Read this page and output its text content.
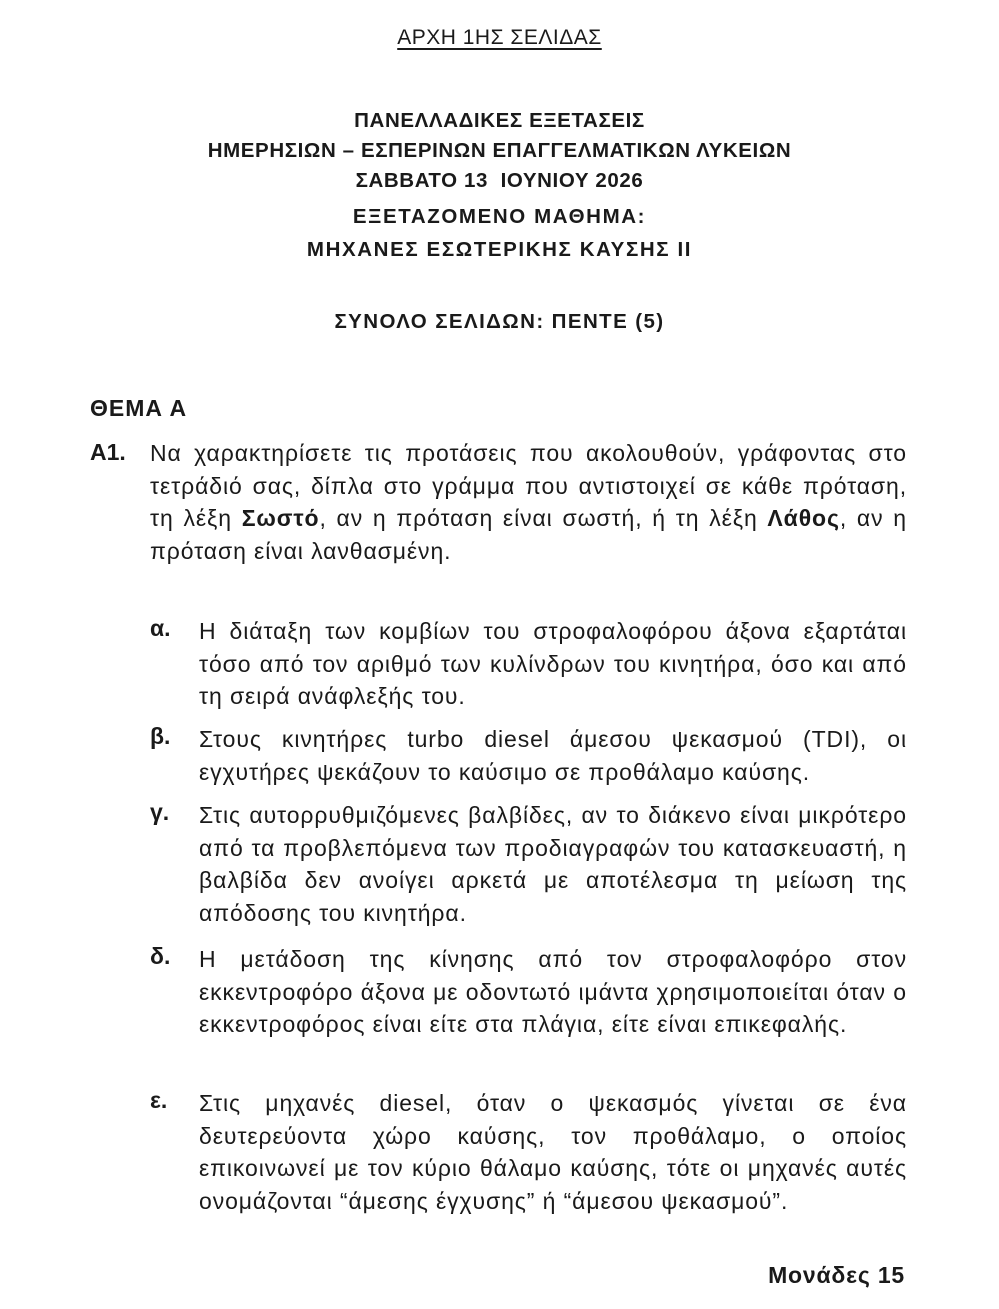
ΑΡΧΗ 1ΗΣ ΣΕΛΙΔΑΣ
ΠΑΝΕΛΛΑΔΙΚΕΣ ΕΞΕΤΑΣΕΙΣ
ΗΜΕΡΗΣΙΩΝ – ΕΣΠΕΡΙΝΩΝ ΕΠΑΓΓΕΛΜΑΤΙΚΩΝ ΛΥΚΕΙΩΝ
ΣΑΒΒΑΤΟ 13  ΙΟΥΝΙΟΥ 2026
ΕΞΕΤΑΖΟΜΕΝΟ ΜΑΘΗΜΑ:
ΜΗΧΑΝΕΣ ΕΣΩΤΕΡΙΚΗΣ ΚΑΥΣΗΣ ΙΙ
ΣΥΝΟΛΟ ΣΕΛΙΔΩΝ: ΠΕΝΤΕ (5)
ΘΕΜΑ Α
Α1. Να χαρακτηρίσετε τις προτάσεις που ακολουθούν, γράφοντας στο τετράδιό σας, δίπλα στο γράμμα που αντιστοιχεί σε κάθε πρόταση, τη λέξη Σωστό, αν η πρόταση είναι σωστή, ή τη λέξη Λάθος, αν η πρόταση είναι λανθασμένη.
α. Η διάταξη των κομβίων του στροφαλοφόρου άξονα εξαρτάται τόσο από τον αριθμό των κυλίνδρων του κινητήρα, όσο και από τη σειρά ανάφλεξής του.
β. Στους κινητήρες turbo diesel άμεσου ψεκασμού (TDI), οι εγχυτήρες ψεκάζουν το καύσιμο σε προθάλαμο καύσης.
γ. Στις αυτορρυθμιζόμενες βαλβίδες, αν το διάκενο είναι μικρότερο από τα προβλεπόμενα των προδιαγραφών του κατασκευαστή, η βαλβίδα δεν ανοίγει αρκετά με αποτέλεσμα τη μείωση της απόδοσης του κινητήρα.
δ. Η μετάδοση της κίνησης από τον στροφαλοφόρο στον εκκεντροφόρο άξονα με οδοντωτό ιμάντα χρησιμοποιείται όταν ο εκκεντροφόρος είναι είτε στα πλάγια, είτε είναι επικεφαλής.
ε. Στις μηχανές diesel, όταν ο ψεκασμός γίνεται σε ένα δευτερεύοντα χώρο καύσης, τον προθάλαμο, ο οποίος επικοινωνεί με τον κύριο θάλαμο καύσης, τότε οι μηχανές αυτές ονομάζονται “άμεσης έγχυσης” ή “άμεσου ψεκασμού”.
Μονάδες 15
